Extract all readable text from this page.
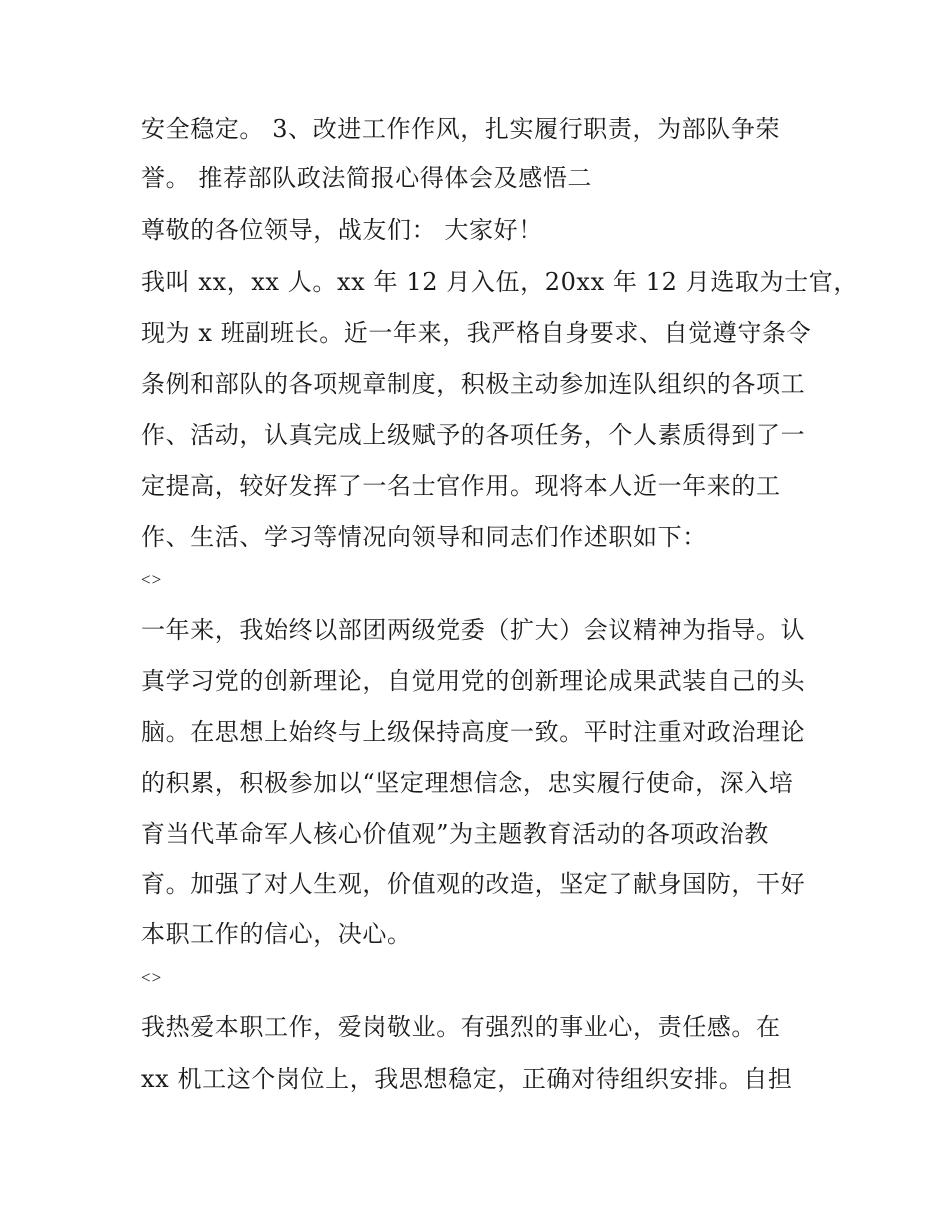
安全稳定。 3、改进工作作风，扎实履行职责，为部队争荣
誉。 推荐部队政法简报心得体会及感悟二
尊敬的各位领导，战友们： 大家好！
我叫 xx，xx 人。xx 年 12 月入伍，20xx 年 12 月选取为士官，
现为 x 班副班长。近一年来，我严格自身要求、自觉遵守条令
条例和部队的各项规章制度，积极主动参加连队组织的各项工
作、活动，认真完成上级赋予的各项任务，个人素质得到了一
定提高，较好发挥了一名士官作用。现将本人近一年来的工
作、生活、学习等情况向领导和同志们作述职如下：
<>
一年来，我始终以部团两级党委（扩大）会议精神为指导。认
真学习党的创新理论，自觉用党的创新理论成果武装自己的头
脑。在思想上始终与上级保持高度一致。平时注重对政治理论
的积累，积极参加以“坚定理想信念，忠实履行使命，深入培
育当代革命军人核心价值观”为主题教育活动的各项政治教
育。加强了对人生观，价值观的改造，坚定了献身国防，干好
本职工作的信心，决心。
<>
我热爱本职工作，爱岗敬业。有强烈的事业心，责任感。在
xx 机工这个岗位上，我思想稳定，正确对待组织安排。自担
